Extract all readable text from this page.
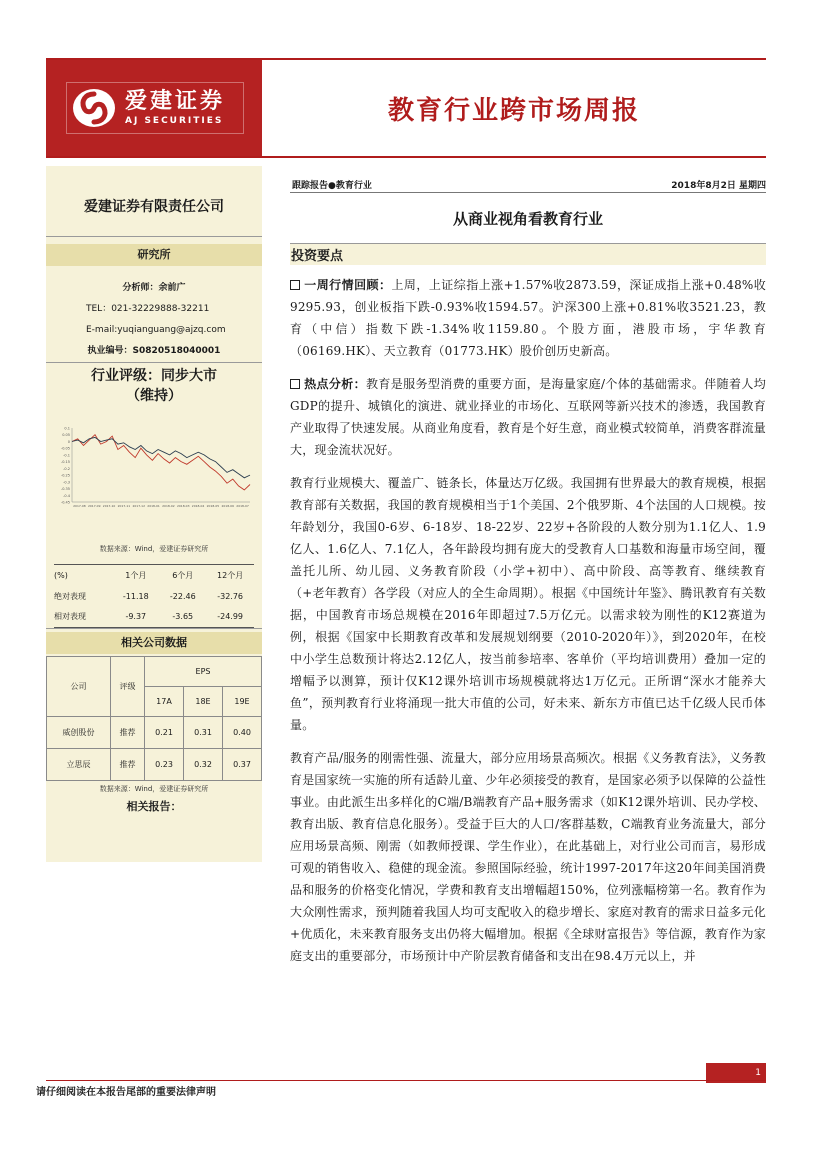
爱建证券
AJ SECURITIES	教育行业跨市场周报
爱建证券有限责任公司
研究所
分析师：余前广
TEL：021-32229888-32211
E-mail:yuqianguang@ajzq.com
执业编号：S0820518040001
行业评级：同步大市
（维持）
0.1
0.05
0
-0.05
-0.1
-0.15
-0.2
-0.25
-0.3
-0.35
-0.4
-0.45
2017-08 2017-09 2017-10 2017-11 2017-12 2018-01 2018-02 2018-03 2018-04 2018-05 2018-06 2018-07
数据来源：Wind，爱建证券研究所
(%)	1个月	6个月	12个月
绝对表现	-11.18	-22.46	-32.76
相对表现	-9.37	-3.65	-24.99
相关公司数据
公司	评级	EPS		
		17A	18E	19E
威创股份	推荐	0.21	0.31	0.40
立思辰	推荐	0.23	0.32	0.37
数据来源：Wind，爱建证券研究所
相关报告：
跟踪报告●教育行业	2018年8月2日 星期四
从商业视角看教育行业
投资要点

一周行情回顾：上周，上证综指上涨+1.57%收2873.59，深证成指上涨+0.48%收9295.93，创业板指下跌-0.93%收1594.57。沪深300上涨+0.81%收3521.23，教育（中信）指数下跌-1.34%收1159.80。个股方面，港股市场，宇华教育（06169.HK）、天立教育（01773.HK）股价创历史新高。

热点分析：教育是服务型消费的重要方面，是海量家庭/个体的基础需求。伴随着人均GDP的提升、城镇化的演进、就业择业的市场化、互联网等新兴技术的渗透，我国教育产业取得了快速发展。从商业角度看，教育是个好生意，商业模式较简单，消费客群流量大，现金流状况好。

教育行业规模大、覆盖广、链条长，体量达万亿级。我国拥有世界最大的教育规模，根据教育部有关数据，我国的教育规模相当于1个美国、2个俄罗斯、4个法国的人口规模。按年龄划分，我国0-6岁、6-18岁、18-22岁、22岁+各阶段的人数分别为1.1亿人、1.9亿人、1.6亿人、7.1亿人，各年龄段均拥有庞大的受教育人口基数和海量市场空间，覆盖托儿所、幼儿园、义务教育阶段（小学+初中）、高中阶段、高等教育、继续教育（+老年教育）各学段（对应人的全生命周期）。根据《中国统计年鉴》、腾讯教育有关数据，中国教育市场总规模在2016年即超过7.5万亿元。以需求较为刚性的K12赛道为例，根据《国家中长期教育改革和发展规划纲要（2010-2020年）》，到2020年，在校中小学生总数预计将达2.12亿人，按当前参培率、客单价（平均培训费用）叠加一定的增幅予以测算，预计仅K12课外培训市场规模就将达1万亿元。正所谓“深水才能养大鱼”，预判教育行业将涌现一批大市值的公司，好未来、新东方市值已达千亿级人民币体量。

教育产品/服务的刚需性强、流量大，部分应用场景高频次。根据《义务教育法》，义务教育是国家统一实施的所有适龄儿童、少年必须接受的教育，是国家必须予以保障的公益性事业。由此派生出多样化的C端/B端教育产品+服务需求（如K12课外培训、民办学校、教育出版、教育信息化服务）。受益于巨大的人口/客群基数，C端教育业务流量大，部分应用场景高频、刚需（如教师授课、学生作业），在此基础上，对行业公司而言，易形成可观的销售收入、稳健的现金流。参照国际经验，统计1997-2017年这20年间美国消费品和服务的价格变化情况，学费和教育支出增幅超150%，位列涨幅榜第一名。教育作为大众刚性需求，预判随着我国人均可支配收入的稳步增长、家庭对教育的需求日益多元化+优质化，未来教育服务支出仍将大幅增加。根据《全球财富报告》等信源，教育作为家庭支出的重要部分，市场预计中产阶层教育储备和支出在98.4万元以上，并

1
请仔细阅读在本报告尾部的重要法律声明
